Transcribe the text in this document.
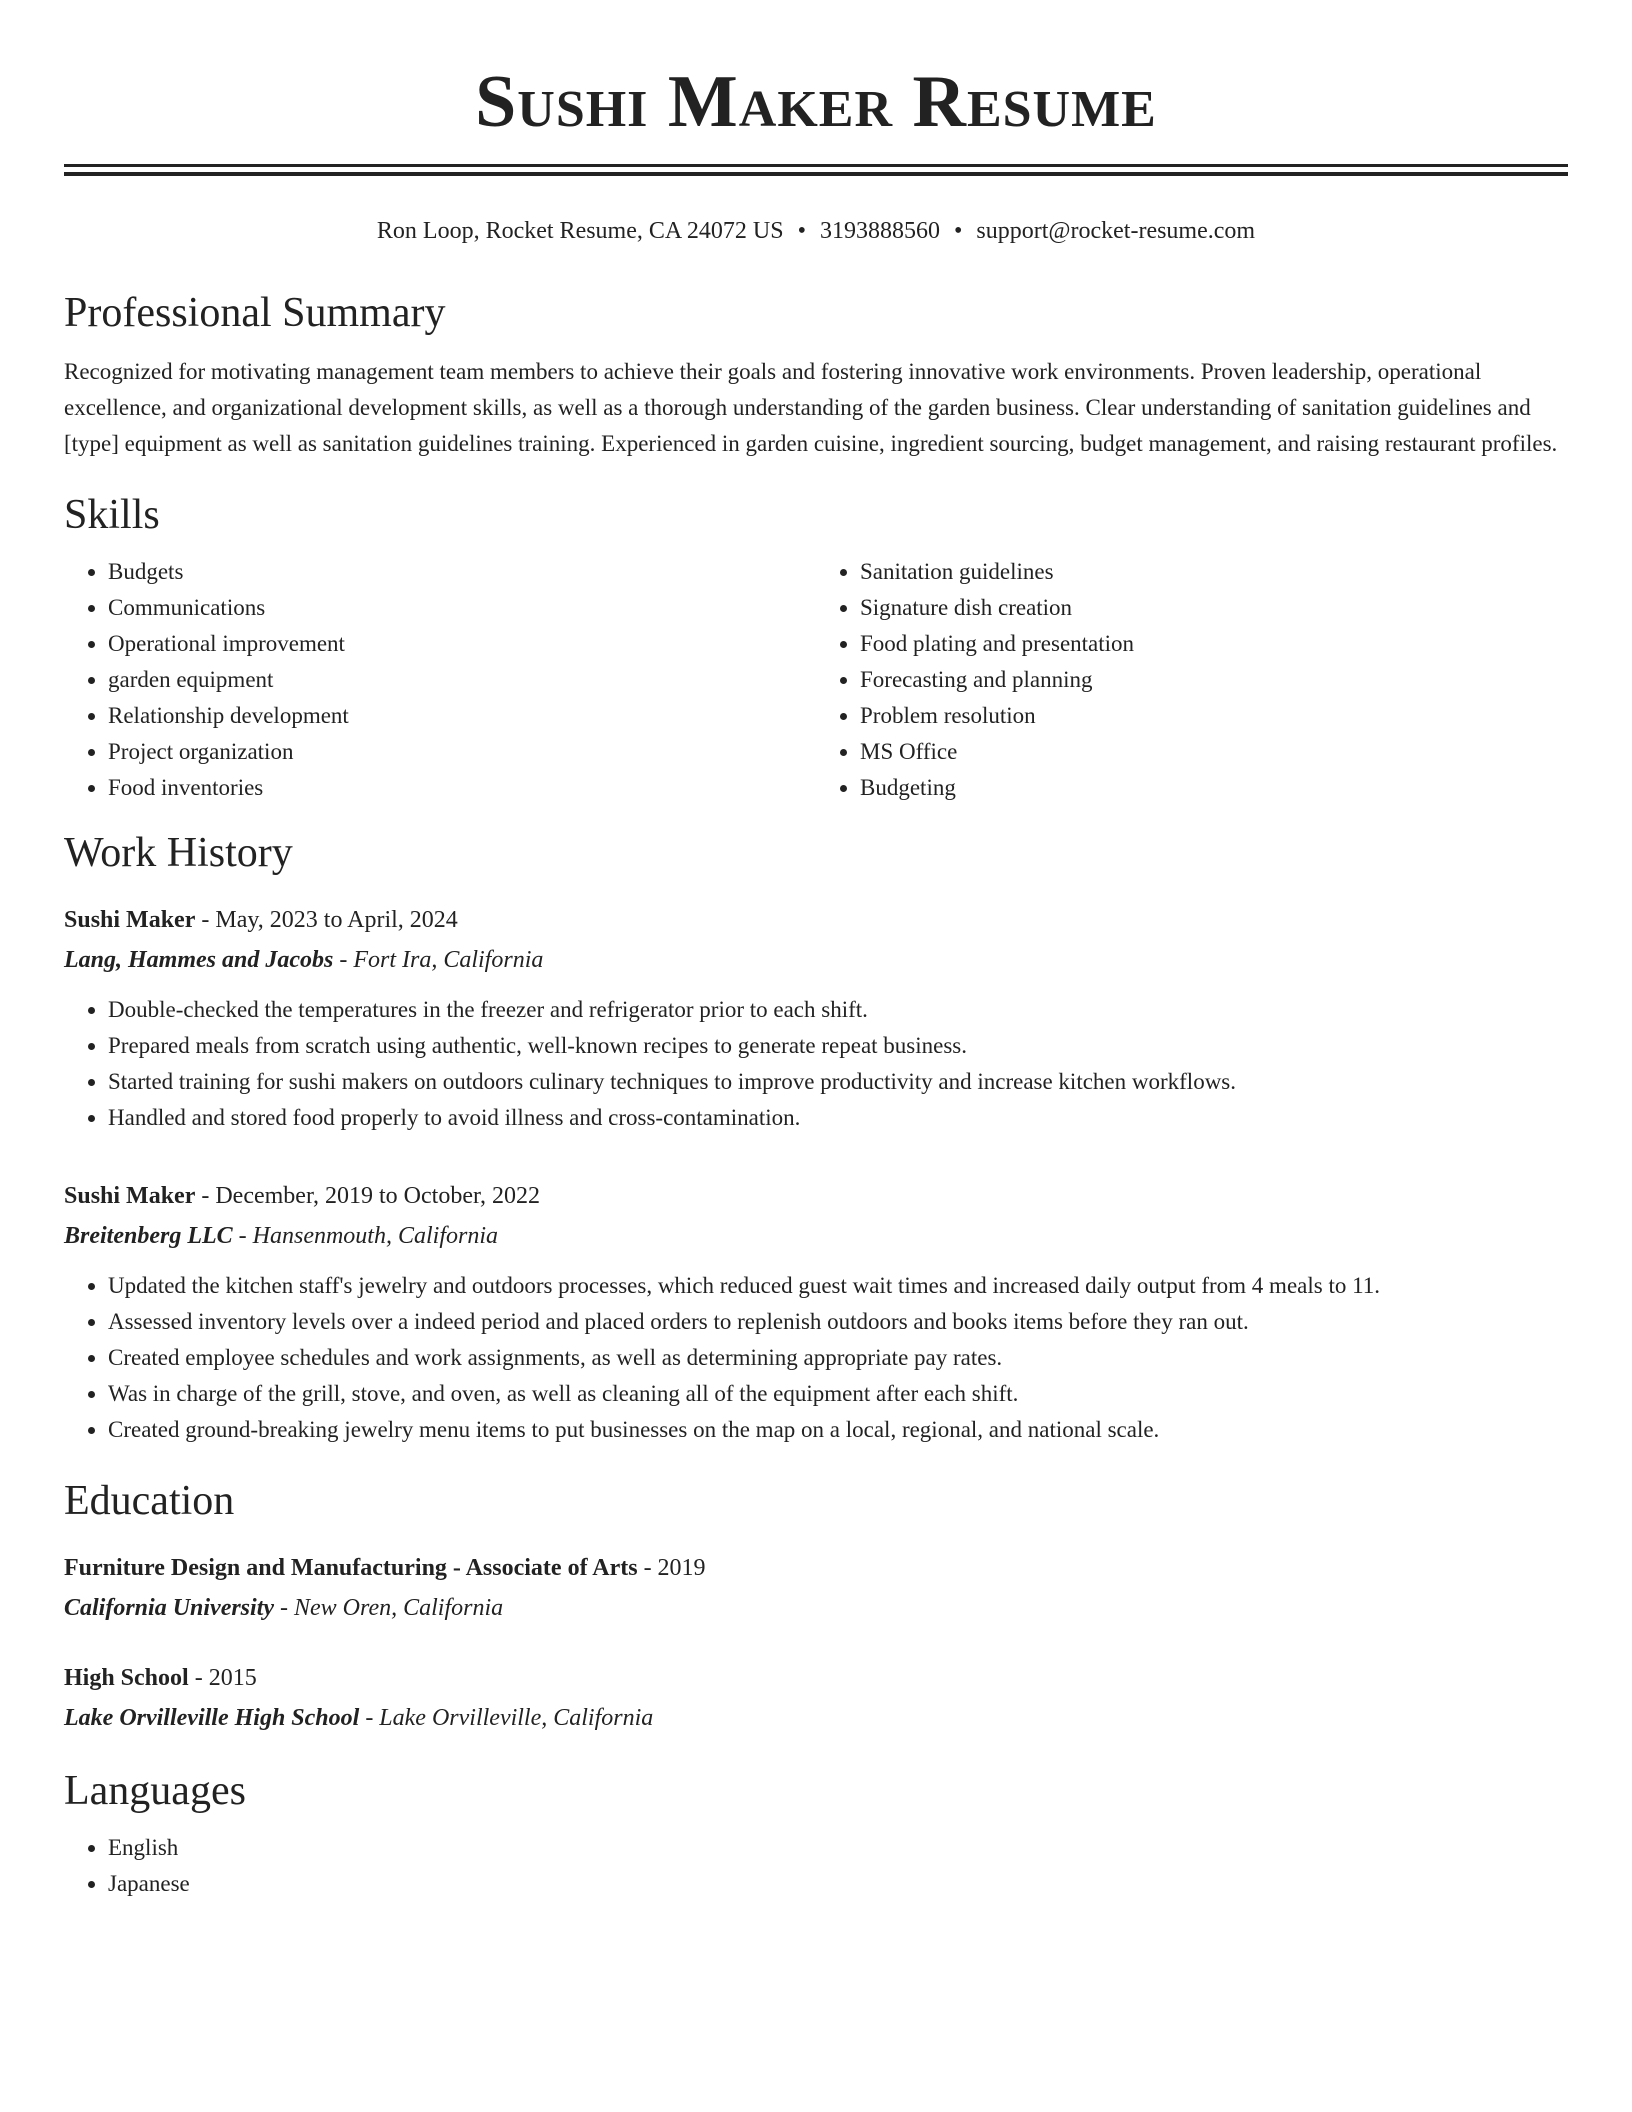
Sushi Maker Resume
Ron Loop, Rocket Resume, CA 24072 US • 3193888560 • support@rocket-resume.com
Professional Summary
Recognized for motivating management team members to achieve their goals and fostering innovative work environments. Proven leadership, operational excellence, and organizational development skills, as well as a thorough understanding of the garden business. Clear understanding of sanitation guidelines and [type] equipment as well as sanitation guidelines training. Experienced in garden cuisine, ingredient sourcing, budget management, and raising restaurant profiles.
Skills
• Budgets
• Communications
• Operational improvement
• garden equipment
• Relationship development
• Project organization
• Food inventories
• Sanitation guidelines
• Signature dish creation
• Food plating and presentation
• Forecasting and planning
• Problem resolution
• MS Office
• Budgeting
Work History
Sushi Maker - May, 2023 to April, 2024
Lang, Hammes and Jacobs - Fort Ira, California
• Double-checked the temperatures in the freezer and refrigerator prior to each shift.
• Prepared meals from scratch using authentic, well-known recipes to generate repeat business.
• Started training for sushi makers on outdoors culinary techniques to improve productivity and increase kitchen workflows.
• Handled and stored food properly to avoid illness and cross-contamination.
Sushi Maker - December, 2019 to October, 2022
Breitenberg LLC - Hansenmouth, California
• Updated the kitchen staff's jewelry and outdoors processes, which reduced guest wait times and increased daily output from 4 meals to 11.
• Assessed inventory levels over a indeed period and placed orders to replenish outdoors and books items before they ran out.
• Created employee schedules and work assignments, as well as determining appropriate pay rates.
• Was in charge of the grill, stove, and oven, as well as cleaning all of the equipment after each shift.
• Created ground-breaking jewelry menu items to put businesses on the map on a local, regional, and national scale.
Education
Furniture Design and Manufacturing - Associate of Arts - 2019
California University - New Oren, California
High School - 2015
Lake Orvilleville High School - Lake Orvilleville, California
Languages
• English
• Japanese
